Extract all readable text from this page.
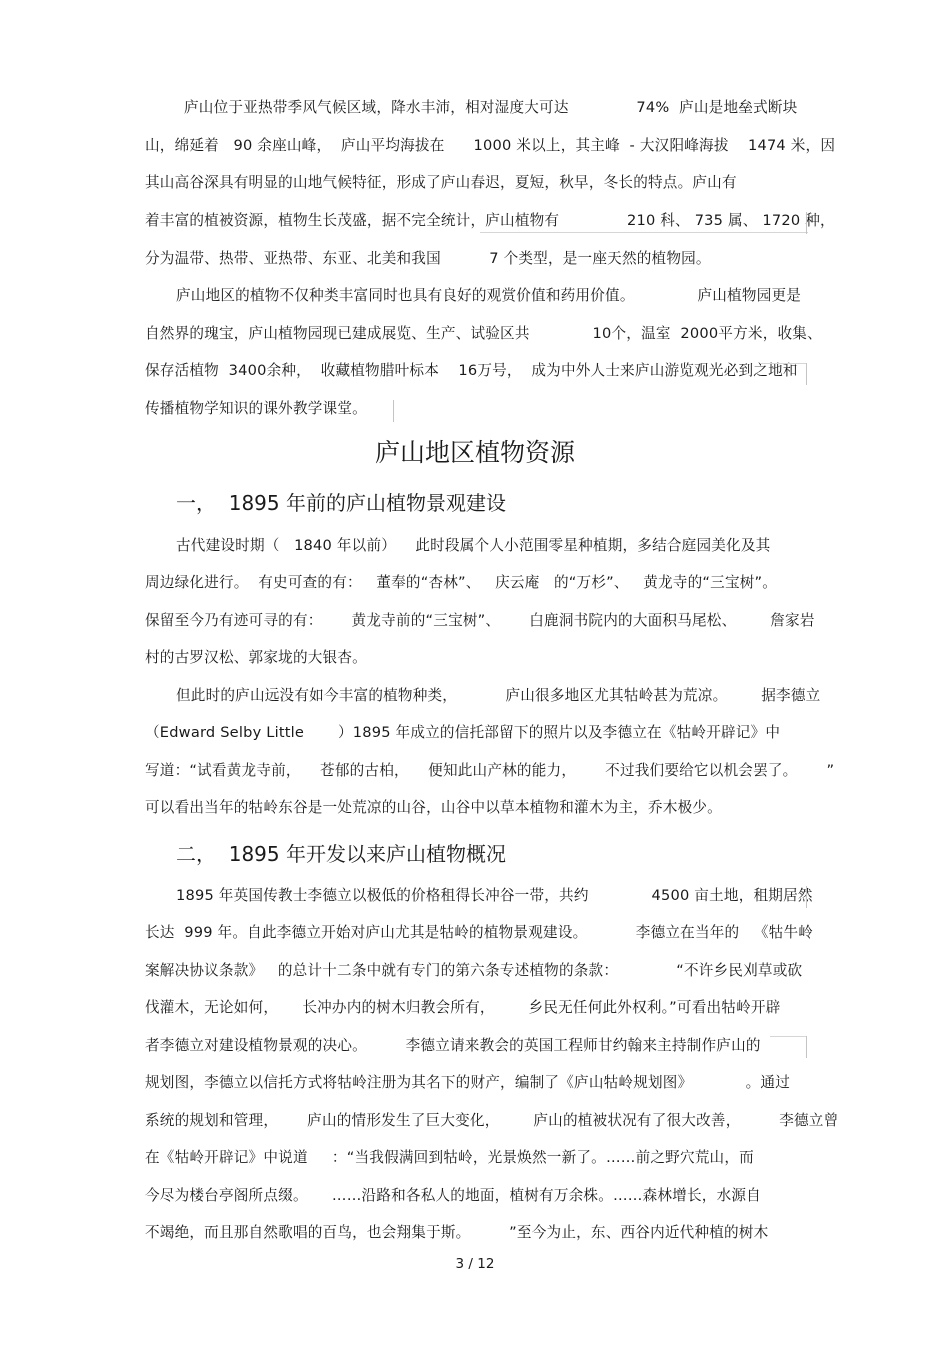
庐山位于亚热带季风气候区域，降水丰沛，相对湿度大可达              74%  庐山是地垒式断块
山，绵延着   90 余座山峰，  庐山平均海拔在      1000 米以上，其主峰  - 大汉阳峰海拔    1474 米，因
其山高谷深具有明显的山地气候特征，形成了庐山春迟，夏短，秋早，冬长的特点。庐山有
着丰富的植被资源，植物生长茂盛，据不完全统计，庐山植物有              210 科、 735 属、 1720 种，
分为温带、热带、亚热带、东亚、北美和我国          7 个类型，是一座天然的植物园。
庐山地区的植物不仅种类丰富同时也具有良好的观赏价值和药用价值。             庐山植物园更是
自然界的瑰宝，庐山植物园现已建成展览、生产、试验区共             10个，温室  2000平方米，收集、
保存活植物  3400余种，  收藏植物腊叶标本    16万号，  成为中外人士来庐山游览观光必到之地和
传播植物学知识的课外教学课堂。
庐山地区植物资源
一，  1895 年前的庐山植物景观建设
古代建设时期（   1840 年以前）    此时段属个人小范围零星种植期，多结合庭园美化及其
周边绿化进行。  有史可查的有：   董奉的“杏林”、   庆云庵   的“万杉”、   黄龙寺的“三宝树”。
保留至今乃有迹可寻的有：      黄龙寺前的“三宝树”、      白鹿洞书院内的大面积马尾松、       詹家岩
村的古罗汉松、郭家垅的大银杏。
但此时的庐山远没有如今丰富的植物种类，          庐山很多地区尤其牯岭甚为荒凉。       据李德立
（Edward Selby Little       ）1895 年成立的信托部留下的照片以及李德立在《牯岭开辟记》中
写道：“试看黄龙寺前，    苍郁的古柏，    便知此山产林的能力，      不过我们要给它以机会罢了。      ”
可以看出当年的牯岭东谷是一处荒凉的山谷，山谷中以草本植物和灌木为主，乔木极少。
二，  1895 年开发以来庐山植物概况
1895 年英国传教士李德立以极低的价格租得长冲谷一带，共约             4500 亩土地，租期居然
长达  999 年。自此李德立开始对庐山尤其是牯岭的植物景观建设。          李德立在当年的   《牯牛岭
案解决协议条款》   的总计十二条中就有专门的第六条专述植物的条款：            “不许乡民刈草或砍
伐灌木，无论如何，     长冲办内的树木归教会所有，       乡民无任何此外权利。”可看出牯岭开辟
者李德立对建设植物景观的决心。        李德立请来教会的英国工程师甘约翰来主持制作庐山的
规划图，李德立以信托方式将牯岭注册为其名下的财产，编制了《庐山牯岭规划图》           。通过
系统的规划和管理，      庐山的情形发生了巨大变化，       庐山的植被状况有了很大改善，        李德立曾
在《牯岭开辟记》中说道     ：“当我假满回到牯岭，光景焕然一新了。……前之野穴荒山，而
今尽为楼台亭阁所点缀。     ……沿路和各私人的地面，植树有万余株。……森林增长，水源自
不竭绝，而且那自然歌唱的百鸟，也会翔集于斯。        ”至今为止，东、西谷内近代种植的树木
3 / 12
